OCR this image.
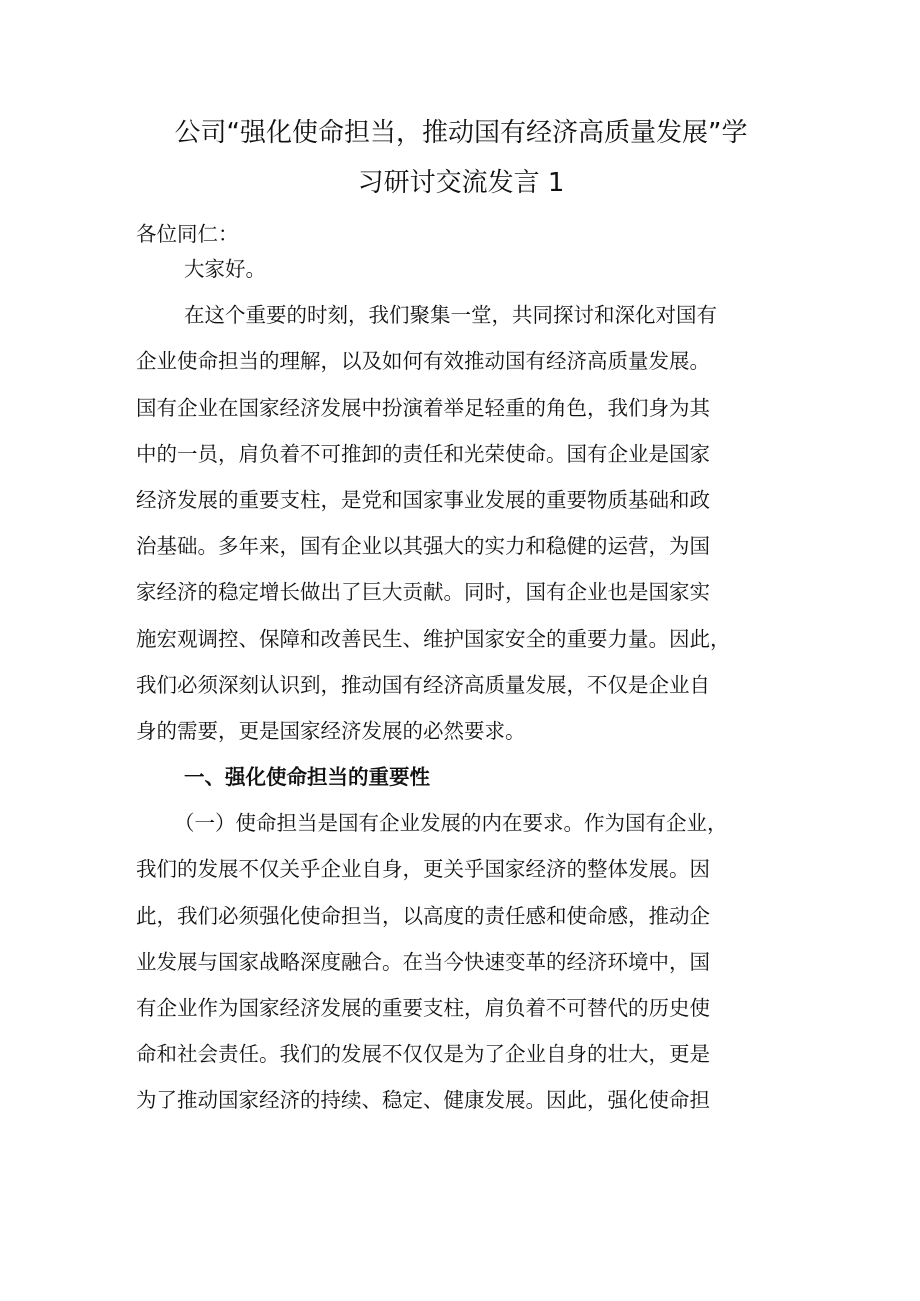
公司“强化使命担当，推动国有经济高质量发展”学
习研讨交流发言 1
各位同仁：
大家好。
在这个重要的时刻，我们聚集一堂，共同探讨和深化对国有
企业使命担当的理解，以及如何有效推动国有经济高质量发展。
国有企业在国家经济发展中扮演着举足轻重的角色，我们身为其
中的一员，肩负着不可推卸的责任和光荣使命。国有企业是国家
经济发展的重要支柱，是党和国家事业发展的重要物质基础和政
治基础。多年来，国有企业以其强大的实力和稳健的运营，为国
家经济的稳定增长做出了巨大贡献。同时，国有企业也是国家实
施宏观调控、保障和改善民生、维护国家安全的重要力量。因此，
我们必须深刻认识到，推动国有经济高质量发展，不仅是企业自
身的需要，更是国家经济发展的必然要求。
一、强化使命担当的重要性
（一）使命担当是国有企业发展的内在要求。作为国有企业，
我们的发展不仅关乎企业自身，更关乎国家经济的整体发展。因
此，我们必须强化使命担当，以高度的责任感和使命感，推动企
业发展与国家战略深度融合。在当今快速变革的经济环境中，国
有企业作为国家经济发展的重要支柱，肩负着不可替代的历史使
命和社会责任。我们的发展不仅仅是为了企业自身的壮大，更是
为了推动国家经济的持续、稳定、健康发展。因此，强化使命担
